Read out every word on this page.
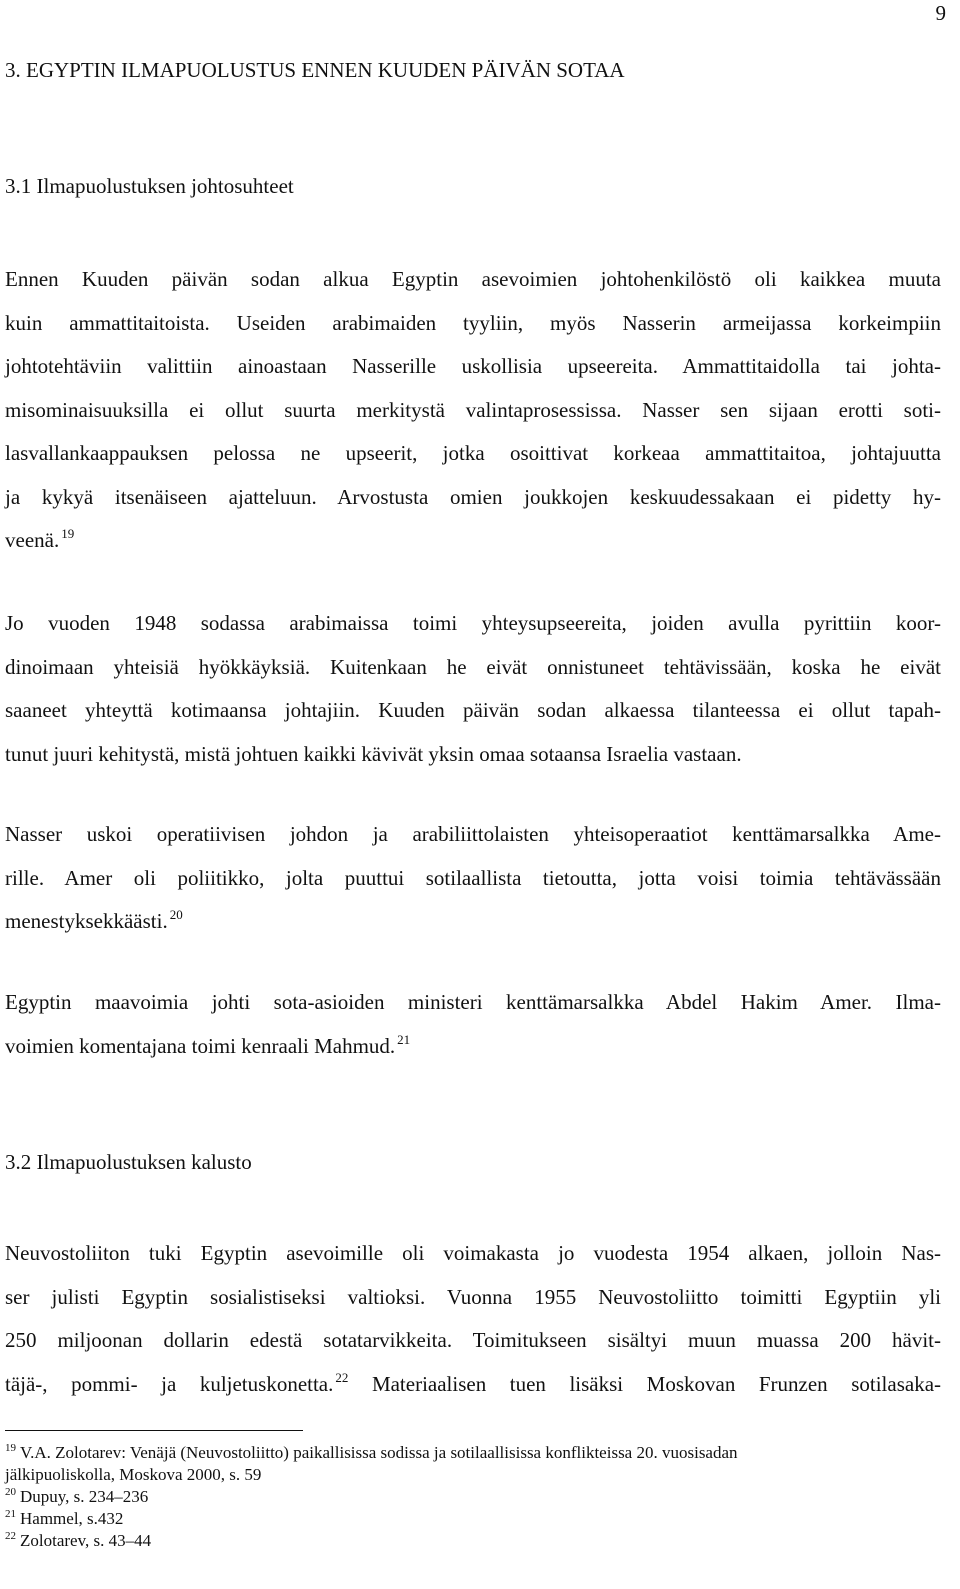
9
3. EGYPTIN ILMAPUOLUSTUS ENNEN KUUDEN PÄIVÄN SOTAA
3.1 Ilmapuolustuksen johtosuhteet
Ennen Kuuden päivän sodan alkua Egyptin asevoimien johtohenkilöstö oli kaikkea muuta
kuin ammattitaitoista. Useiden arabimaiden tyyliin, myös Nasserin armeijassa korkeimpiin
johtotehtäviin valittiin ainoastaan Nasserille uskollisia upseereita. Ammattitaidolla tai johta-
misominaisuuksilla ei ollut suurta merkitystä valintaprosessissa. Nasser sen sijaan erotti soti-
lasvallankaappauksen pelossa ne upseerit, jotka osoittivat korkeaa ammattitaitoa, johtajuutta
ja kykyä itsenäiseen ajatteluun. Arvostusta omien joukkojen keskuudessakaan ei pidetty hy-
veenä. $^{19}$
Jo vuoden 1948 sodassa arabimaissa toimi yhteysupseereita, joiden avulla pyrittiin koor-
dinoimaan yhteisiä hyökkäyksiä. Kuitenkaan he eivät onnistuneet tehtävissään, koska he eivät
saaneet yhteyttä kotimaansa johtajiin. Kuuden päivän sodan alkaessa tilanteessa ei ollut tapah-
tunut juuri kehitystä, mistä johtuen kaikki kävivät yksin omaa sotaansa Israelia vastaan.
Nasser uskoi operatiivisen johdon ja arabiliittolaisten yhteisoperaatiot kenttämarsalkka Ame-
rille. Amer oli poliitikko, jolta puuttui sotilaallista tietoutta, jotta voisi toimia tehtävässään
menestyksekkäästi. $^{20}$
Egyptin maavoimia johti sota-asioiden ministeri kenttämarsalkka Abdel Hakim Amer. Ilma-
voimien komentajana toimi kenraali Mahmud. $^{21}$
3.2 Ilmapuolustuksen kalusto
Neuvostoliiton tuki Egyptin asevoimille oli voimakasta jo vuodesta 1954 alkaen, jolloin Nas-
ser julisti Egyptin sosialistiseksi valtioksi. Vuonna 1955 Neuvostoliitto toimitti Egyptiin yli
250 miljoonan dollarin edestä sotatarvikkeita. Toimitukseen sisältyi muun muassa 200 hävit-
täjä-, pommi- ja kuljetuskonetta. $^{22}$ Materiaalisen tuen lisäksi Moskovan Frunzen sotilasaka-
$^{19}$ V.A. Zolotarev: Venäjä (Neuvostoliitto) paikallisissa sodissa ja sotilaallisissa konflikteissa 20. vuosisadan
jälkipuoliskolla, Moskova 2000, s. 59
$^{20}$ Dupuy, s. 234–236
$^{21}$ Hammel, s.432
$^{22}$ Zolotarev, s. 43–44
